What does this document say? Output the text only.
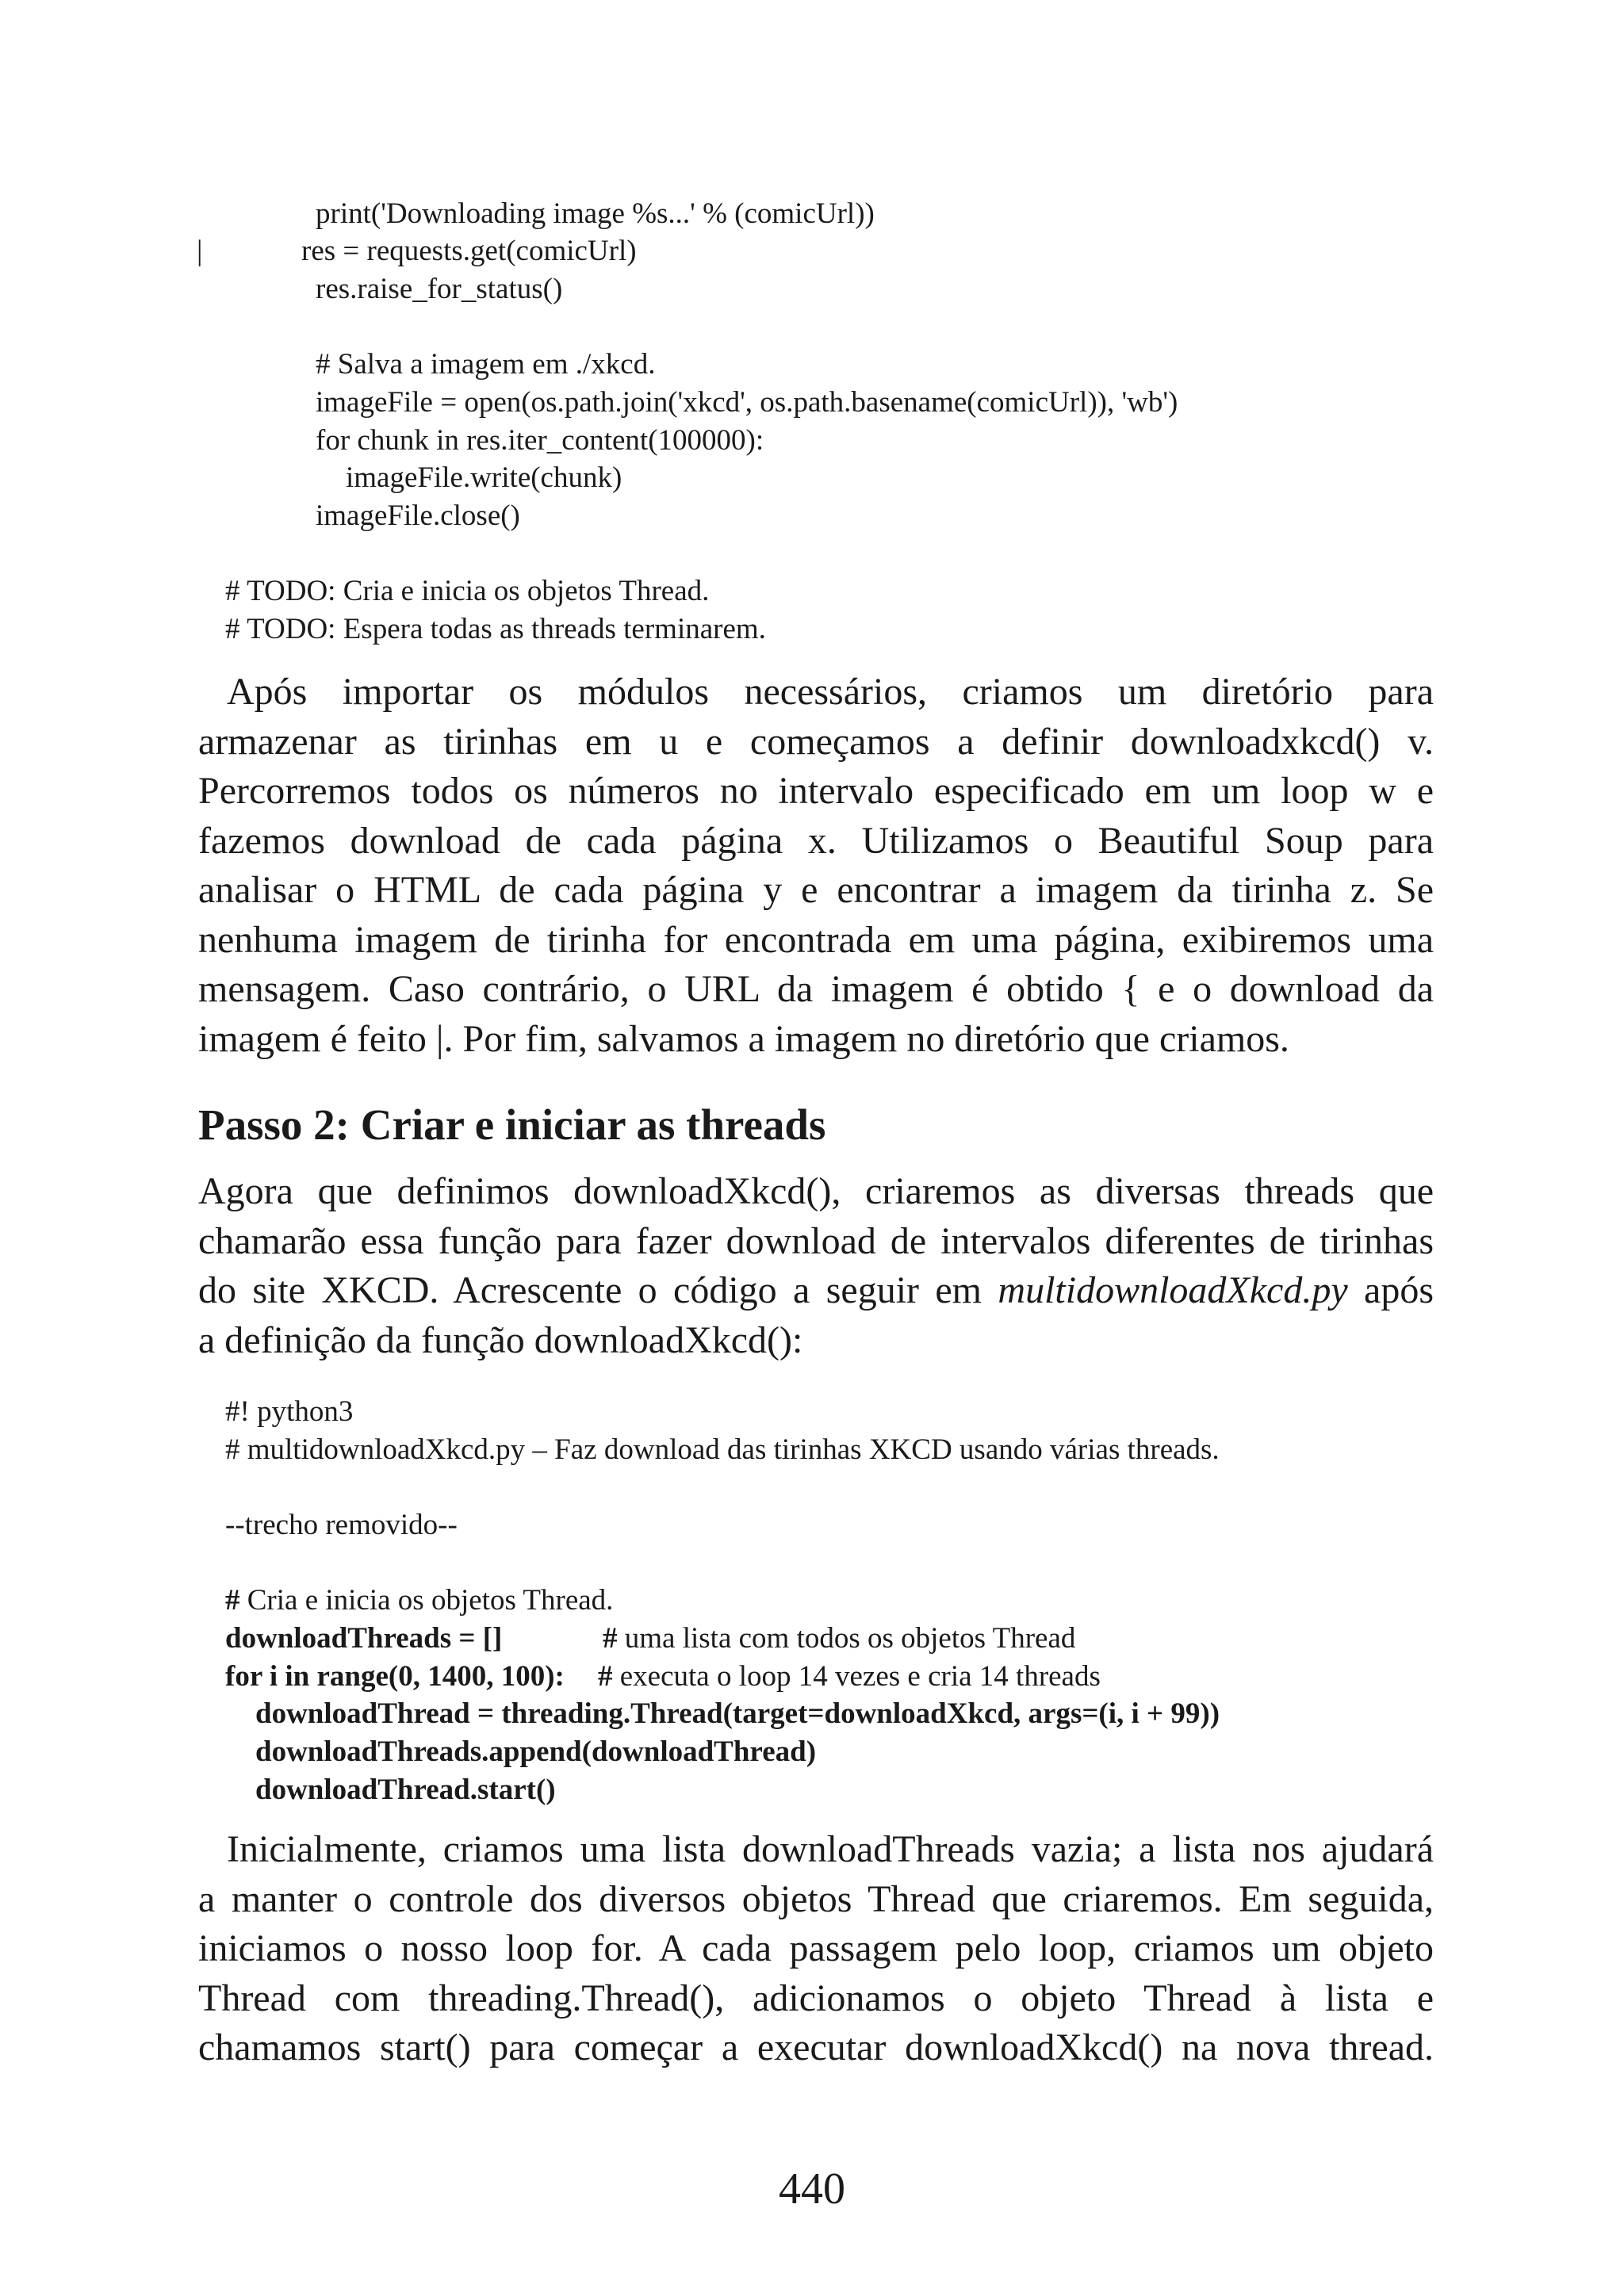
print('Downloading image %s...' % (comicUrl))
|	res = requests.get(comicUrl)
res.raise_for_status()
# Salva a imagem em ./xkcd.
imageFile = open(os.path.join('xkcd', os.path.basename(comicUrl)), 'wb')
for chunk in res.iter_content(100000):
imageFile.write(chunk)
imageFile.close()
# TODO: Cria e inicia os objetos Thread.
# TODO: Espera todas as threads terminarem.
Após importar os módulos necessários, criamos um diretório para
armazenar as tirinhas em u e começamos a definir downloadxkcd() v.
Percorremos todos os números no intervalo especificado em um loop w e
fazemos download de cada página x. Utilizamos o Beautiful Soup para
analisar o HTML de cada página y e encontrar a imagem da tirinha z. Se
nenhuma imagem de tirinha for encontrada em uma página, exibiremos uma
mensagem. Caso contrário, o URL da imagem é obtido { e o download da
imagem é feito |. Por fim, salvamos a imagem no diretório que criamos.
Passo 2: Criar e iniciar as threads
Agora que definimos downloadXkcd(), criaremos as diversas threads que
chamarão essa função para fazer download de intervalos diferentes de tirinhas
do site XKCD. Acrescente o código a seguir em multidownloadXkcd.py após
a definição da função downloadXkcd():
#! python3
# multidownloadXkcd.py – Faz download das tirinhas XKCD usando várias threads.
--trecho removido--
# Cria e inicia os objetos Thread.
downloadThreads = []	# uma lista com todos os objetos Thread
for i in range(0, 1400, 100): # executa o loop 14 vezes e cria 14 threads
downloadThread = threading.Thread(target=downloadXkcd, args=(i, i + 99))
downloadThreads.append(downloadThread)
downloadThread.start()
Inicialmente, criamos uma lista downloadThreads vazia; a lista nos ajudará
a manter o controle dos diversos objetos Thread que criaremos. Em seguida,
iniciamos o nosso loop for. A cada passagem pelo loop, criamos um objeto
Thread com threading.Thread(), adicionamos o objeto Thread à lista e
chamamos start() para começar a executar downloadXkcd() na nova thread.
440
